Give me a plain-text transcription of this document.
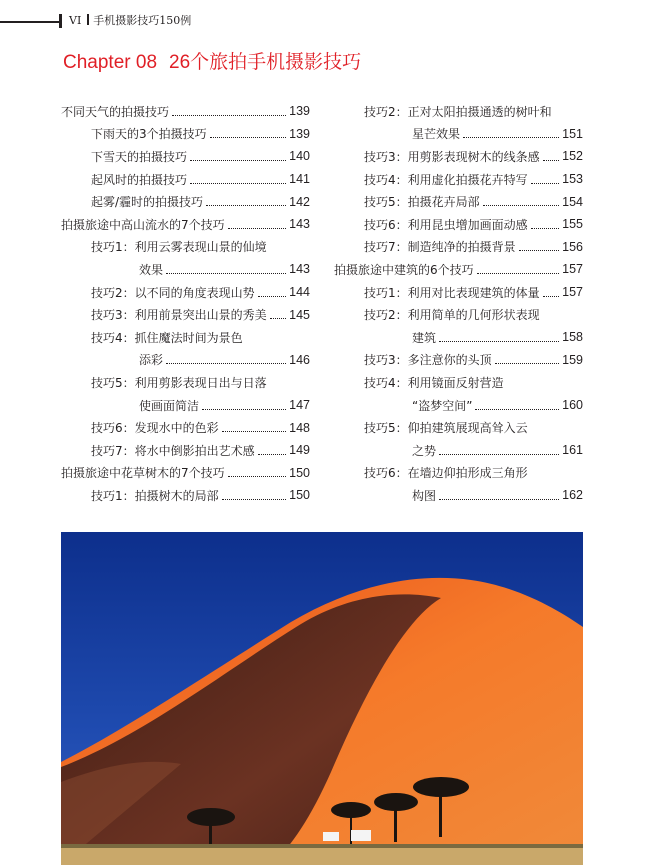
VI 手机摄影技巧150例
Chapter 08 26个旅拍手机摄影技巧
不同天气的拍摄技巧	139
下雨天的3个拍摄技巧	139
下雪天的拍摄技巧	140
起风时的拍摄技巧	141
起雾/霾时的拍摄技巧	142
拍摄旅途中高山流水的7个技巧	143
技巧1：利用云雾表现山景的仙境
效果	143
技巧2：以不同的角度表现山势	144
技巧3：利用前景突出山景的秀美 145
技巧4：抓住魔法时间为景色
添彩	146
技巧5：利用剪影表现日出与日落
使画面简洁	147
技巧6：发现水中的色彩	148
技巧7：将水中倒影拍出艺术感	149
拍摄旅途中花草树木的7个技巧	150
技巧1：拍摄树木的局部	150
技巧2：正对太阳拍摄通透的树叶和
星芒效果	151
技巧3：用剪影表现树木的线条感 152
技巧4：利用虚化拍摄花卉特写	153
技巧5：拍摄花卉局部	154
技巧6：利用昆虫增加画面动感	155
技巧7：制造纯净的拍摄背景	156
拍摄旅途中建筑的6个技巧	157
技巧1：利用对比表现建筑的体量 157
技巧2：利用简单的几何形状表现
建筑	158
技巧3：多注意你的头顶	159
技巧4：利用镜面反射营造
“盗梦空间”	160
技巧5：仰拍建筑展现高耸入云
之势	161
技巧6：在墙边仰拍形成三角形
构图	162
